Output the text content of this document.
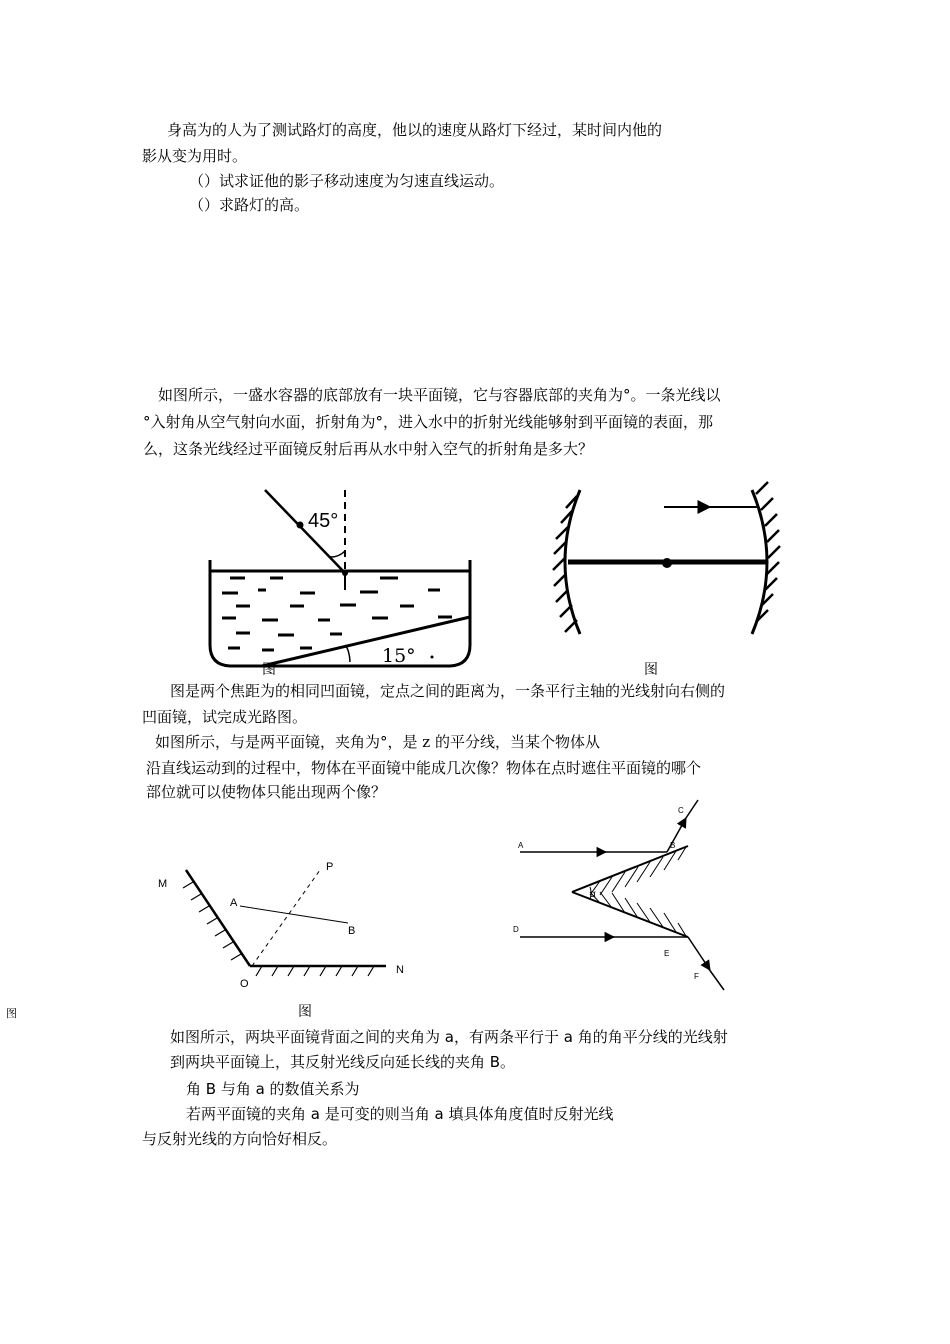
身高为的人为了测试路灯的高度，他以的速度从路灯下经过，某时间内他的
影从变为用时。
（）试求证他的影子移动速度为匀速直线运动。
（）求路灯的高。
如图所示，一盛水容器的底部放有一块平面镜，它与容器底部的夹角为°。一条光线以
°入射角从空气射向水面，折射角为°，进入水中的折射光线能够射到平面镜的表面，那
么，这条光线经过平面镜反射后再从水中射入空气的折射角是多大？
45°
15°
图	图
M
P
A
B
O
N
图
A	B
C
D
E
F
α
图是两个焦距为的相同凹面镜，定点之间的距离为，一条平行主轴的光线射向右侧的
凹面镜，试完成光路图。
如图所示，与是两平面镜，夹角为°，是 z 的平分线，当某个物体从
沿直线运动到的过程中，物体在平面镜中能成几次像？物体在点时遮住平面镜的哪个
部位就可以使物体只能出现两个像？
图
如图所示，两块平面镜背面之间的夹角为 a，有两条平行于 a 角的角平分线的光线射
到两块平面镜上，其反射光线反向延长线的夹角 B。
角 B 与角 a 的数值关系为
若两平面镜的夹角 a 是可变的则当角 a 填具体角度值时反射光线
与反射光线的方向恰好相反。
